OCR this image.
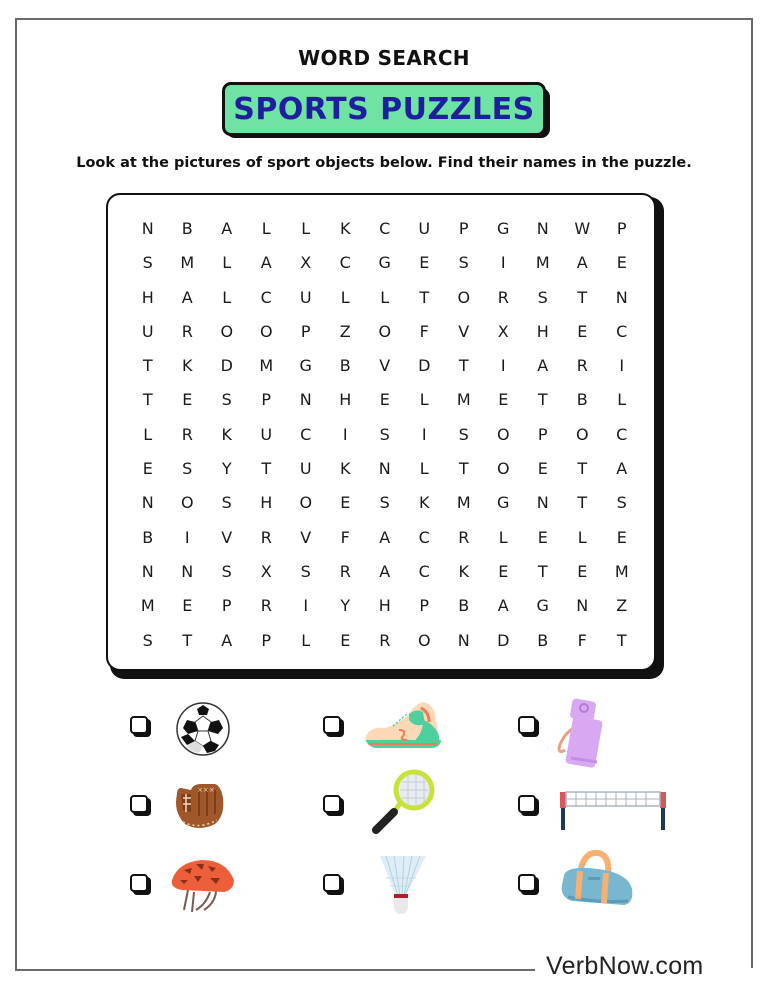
WORD SEARCH
SPORTS PUZZLES
Look at the pictures of sport objects below. Find their names in the puzzle.
N	B	A	L	L	K	C	U	P	G	N	W	P
S	M	L	A	X	C	G	E	S	I	M	A	E
H	A	L	C	U	L	L	T	O	R	S	T	N
U	R	O	O	P	Z	O	F	V	X	H	E	C
T	K	D	M	G	B	V	D	T	I	A	R	I
T	E	S	P	N	H	E	L	M	E	T	B	L
L	R	K	U	C	I	S	I	S	O	P	O	C
E	S	Y	T	U	K	N	L	T	O	E	T	A
N	O	S	H	O	E	S	K	M	G	N	T	S
B	I	V	R	V	F	A	C	R	L	E	L	E
N	N	S	X	S	R	A	C	K	E	T	E	M
M	E	P	R	I	Y	H	P	B	A	G	N	Z
S	T	A	P	L	E	R	O	N	D	B	F	T
×××
VerbNow.com
